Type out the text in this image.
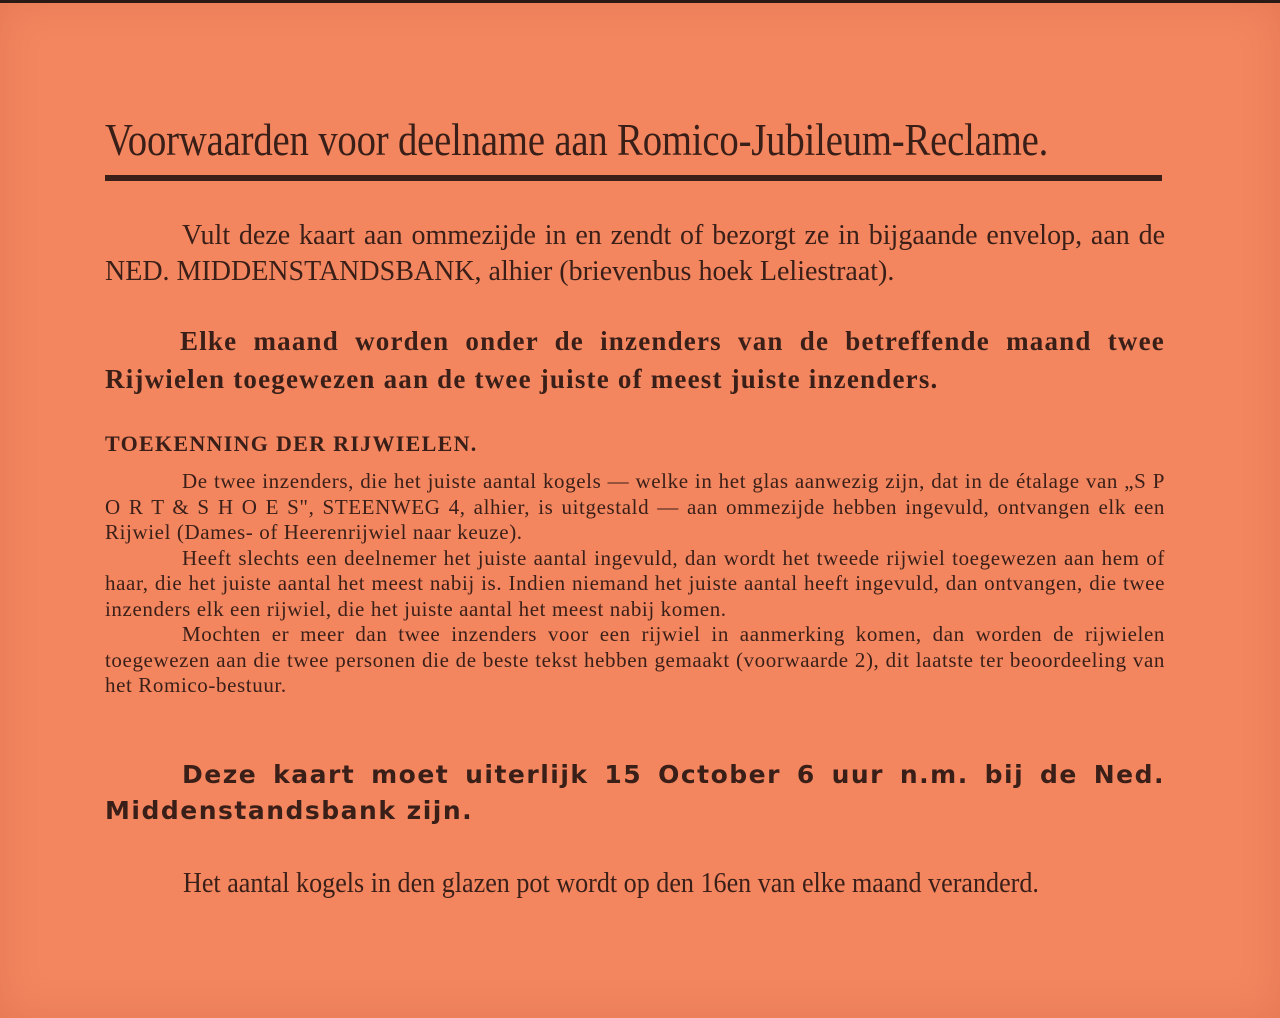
Voorwaarden voor deelname aan Romico-Jubileum-Reclame.

Vult deze kaart aan ommezijde in en zendt of bezorgt ze in bijgaande envelop, aan de NED. MIDDENSTANDSBANK, alhier (brievenbus hoek Leliestraat).

Elke maand worden onder de inzenders van de betreffende maand twee Rijwielen toegewezen aan de twee juiste of meest juiste inzenders.

TOEKENNING DER RIJWIELEN.

De twee inzenders, die het juiste aantal kogels — welke in het glas aanwezig zijn, dat in de étalage van „S P O R T & S H O E S", STEENWEG 4, alhier, is uitgestald — aan ommezijde hebben ingevuld, ontvangen elk een Rijwiel (Dames- of Heerenrijwiel naar keuze).

Heeft slechts een deelnemer het juiste aantal ingevuld, dan wordt het tweede rijwiel toegewezen aan hem of haar, die het juiste aantal het meest nabij is. Indien niemand het juiste aantal heeft ingevuld, dan ontvangen, die twee inzenders elk een rijwiel, die het juiste aantal het meest nabij komen.

Mochten er meer dan twee inzenders voor een rijwiel in aanmerking komen, dan worden de rijwielen toegewezen aan die twee personen die de beste tekst hebben gemaakt (voorwaarde 2), dit laatste ter beoordeeling van het Romico-bestuur.

Deze kaart moet uiterlijk 15 October 6 uur n.m. bij de Ned. Middenstandsbank zijn.

Het aantal kogels in den glazen pot wordt op den 16en van elke maand veranderd.
